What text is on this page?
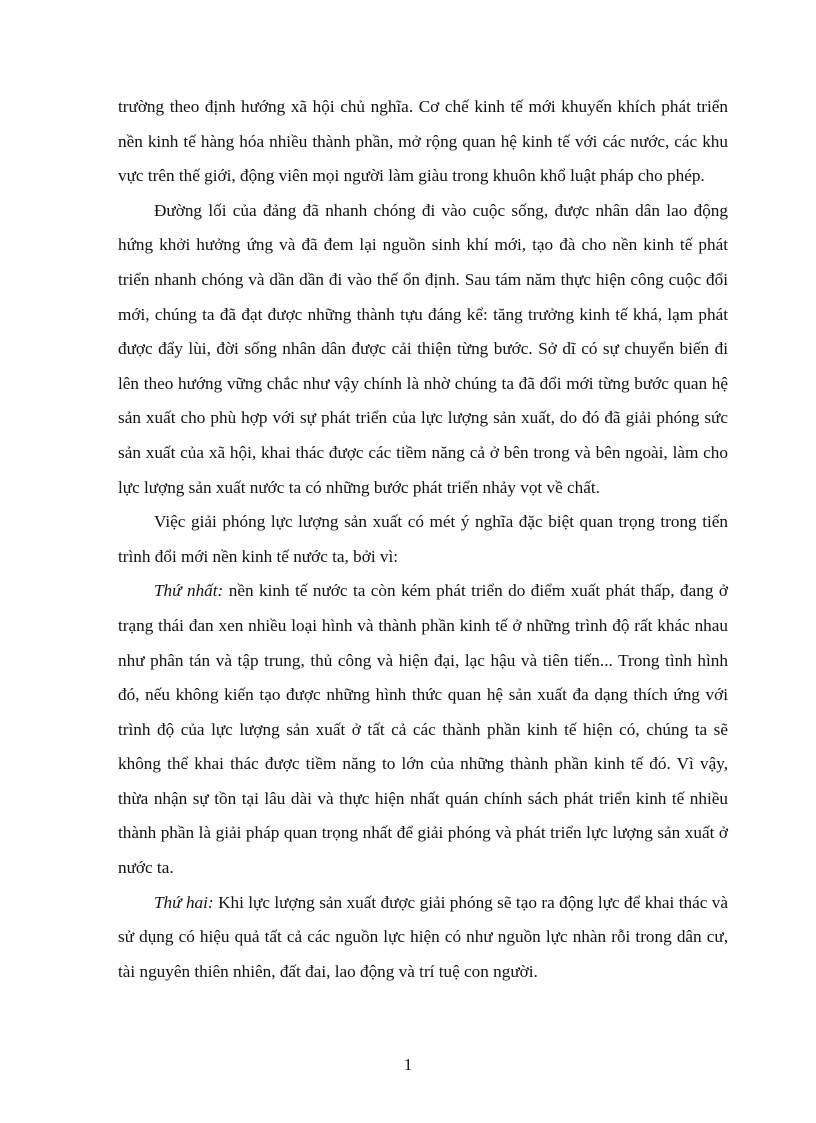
trường theo định hướng xã hội chủ nghĩa. Cơ chế kinh tế mới khuyến khích phát triển nền kinh tế hàng hóa nhiều thành phần, mở rộng quan hệ kinh tế với các nước, các khu vực trên thế giới, động viên mọi người làm giàu trong khuôn khổ luật pháp cho phép.

Đường lối của đảng đã nhanh chóng đi vào cuộc sống, được nhân dân lao động hứng khởi hưởng ứng và đã đem lại nguồn sinh khí mới, tạo đà cho nền kinh tế phát triển nhanh chóng và dần dần đi vào thế ổn định. Sau tám năm thực hiện công cuộc đổi mới, chúng ta đã đạt được những thành tựu đáng kể: tăng trưởng kinh tế khá, lạm phát được đẩy lùi, đời sống nhân dân được cải thiện từng bước. Sở dĩ có sự chuyển biến đi lên theo hướng vững chắc như vậy chính là nhờ chúng ta đã đổi mới từng bước quan hệ sản xuất cho phù hợp với sự phát triển của lực lượng sản xuất, do đó đã giải phóng sức sản xuất của xã hội, khai thác được các tiềm năng cả ở bên trong và bên ngoài, làm cho lực lượng sản xuất nước ta có những bước phát triển nhảy vọt về chất.

Việc giải phóng lực lượng sản xuất có mét ý nghĩa đặc biệt quan trọng trong tiến trình đổi mới nền kinh tế nước ta, bởi vì:

Thứ nhất: nền kinh tế nước ta còn kém phát triển do điểm xuất phát thấp, đang ở trạng thái đan xen nhiều loại hình và thành phần kinh tế ở những trình độ rất khác nhau như phân tán và tập trung, thủ công và hiện đại, lạc hậu và tiên tiến... Trong tình hình đó, nếu không kiến tạo được những hình thức quan hệ sản xuất đa dạng thích ứng với trình độ của lực lượng sản xuất ở tất cả các thành phần kinh tế hiện có, chúng ta sẽ không thể khai thác được tiềm năng to lớn của những thành phần kinh tế đó. Vì vậy, thừa nhận sự tồn tại lâu dài và thực hiện nhất quán chính sách phát triển kinh tế nhiều thành phần là giải pháp quan trọng nhất để giải phóng và phát triển lực lượng sản xuất ở nước ta.

Thứ hai: Khi lực lượng sản xuất được giải phóng sẽ tạo ra động lực để khai thác và sử dụng có hiệu quả tất cả các nguồn lực hiện có như nguồn lực nhàn rỗi trong dân cư, tài nguyên thiên nhiên, đất đai, lao động và trí tuệ con người.

1
